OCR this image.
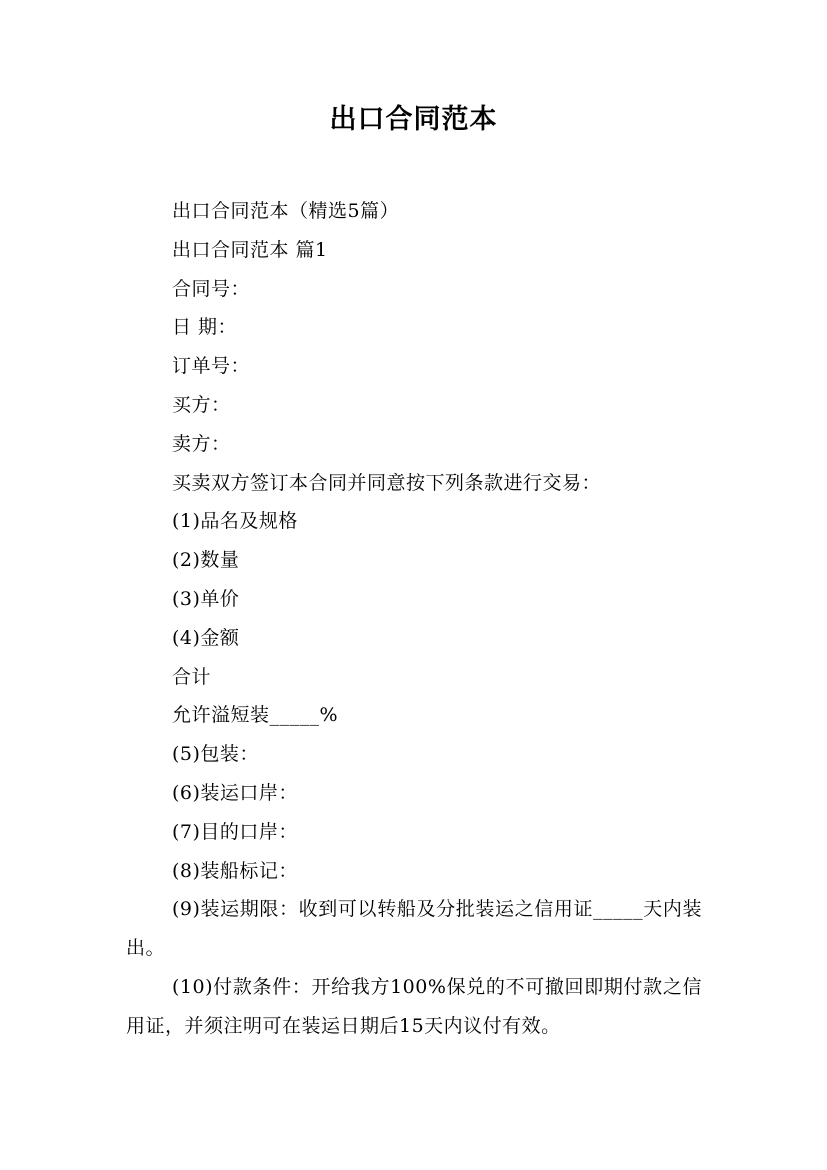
出口合同范本
出口合同范本（精选5篇）
出口合同范本 篇1
合同号：
日 期：
订单号：
买方：
卖方：
买卖双方签订本合同并同意按下列条款进行交易：
(1)品名及规格
(2)数量
(3)单价
(4)金额
合计
允许溢短装_____%
(5)包装：
(6)装运口岸：
(7)目的口岸：
(8)装船标记：
(9)装运期限：收到可以转船及分批装运之信用证_____天内装出。
(10)付款条件：开给我方100%保兑的不可撤回即期付款之信用证，并须注明可在装运日期后15天内议付有效。
